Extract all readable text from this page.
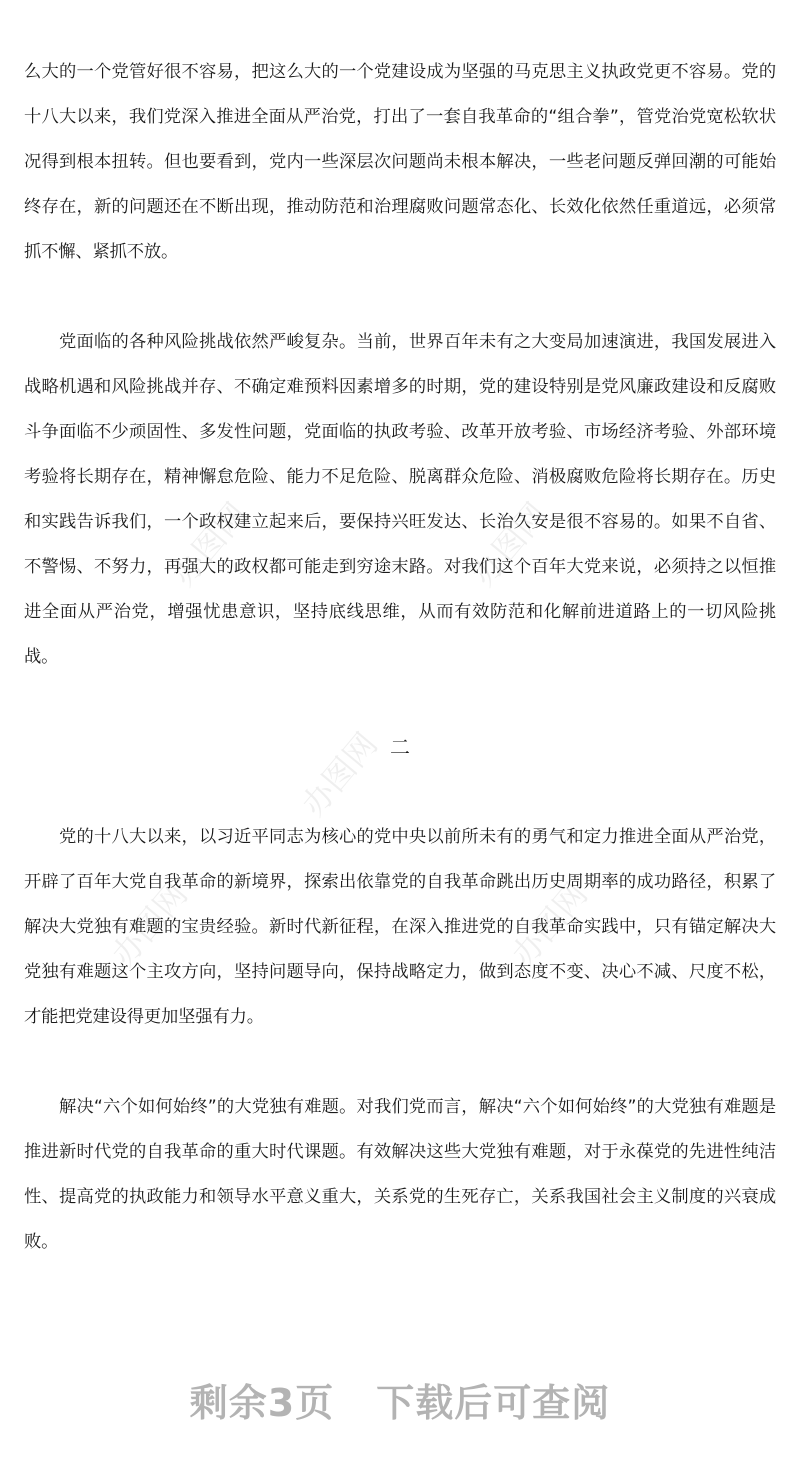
办图网	办图网
办图网
办图网	办图网

么大的一个党管好很不容易，把这么大的一个党建设成为坚强的马克思主义执政党更不容易。党的十八大以来，我们党深入推进全面从严治党，打出了一套自我革命的“组合拳”，管党治党宽松软状况得到根本扭转。但也要看到，党内一些深层次问题尚未根本解决，一些老问题反弹回潮的可能始终存在，新的问题还在不断出现，推动防范和治理腐败问题常态化、长效化依然任重道远，必须常抓不懈、紧抓不放。

党面临的各种风险挑战依然严峻复杂。当前，世界百年未有之大变局加速演进，我国发展进入战略机遇和风险挑战并存、不确定难预料因素增多的时期，党的建设特别是党风廉政建设和反腐败斗争面临不少顽固性、多发性问题，党面临的执政考验、改革开放考验、市场经济考验、外部环境考验将长期存在，精神懈怠危险、能力不足危险、脱离群众危险、消极腐败危险将长期存在。历史和实践告诉我们，一个政权建立起来后，要保持兴旺发达、长治久安是很不容易的。如果不自省、不警惕、不努力，再强大的政权都可能走到穷途末路。对我们这个百年大党来说，必须持之以恒推进全面从严治党，增强忧患意识，坚持底线思维，从而有效防范和化解前进道路上的一切风险挑战。

二

党的十八大以来，以习近平同志为核心的党中央以前所未有的勇气和定力推进全面从严治党，开辟了百年大党自我革命的新境界，探索出依靠党的自我革命跳出历史周期率的成功路径，积累了解决大党独有难题的宝贵经验。新时代新征程，在深入推进党的自我革命实践中，只有锚定解决大党独有难题这个主攻方向，坚持问题导向，保持战略定力，做到态度不变、决心不减、尺度不松，才能把党建设得更加坚强有力。

解决“六个如何始终”的大党独有难题。对我们党而言，解决“六个如何始终”的大党独有难题是推进新时代党的自我革命的重大时代课题。有效解决这些大党独有难题，对于永葆党的先进性纯洁性、提高党的执政能力和领导水平意义重大，关系党的生死存亡，关系我国社会主义制度的兴衰成败。

剩余3页 下载后可查阅
